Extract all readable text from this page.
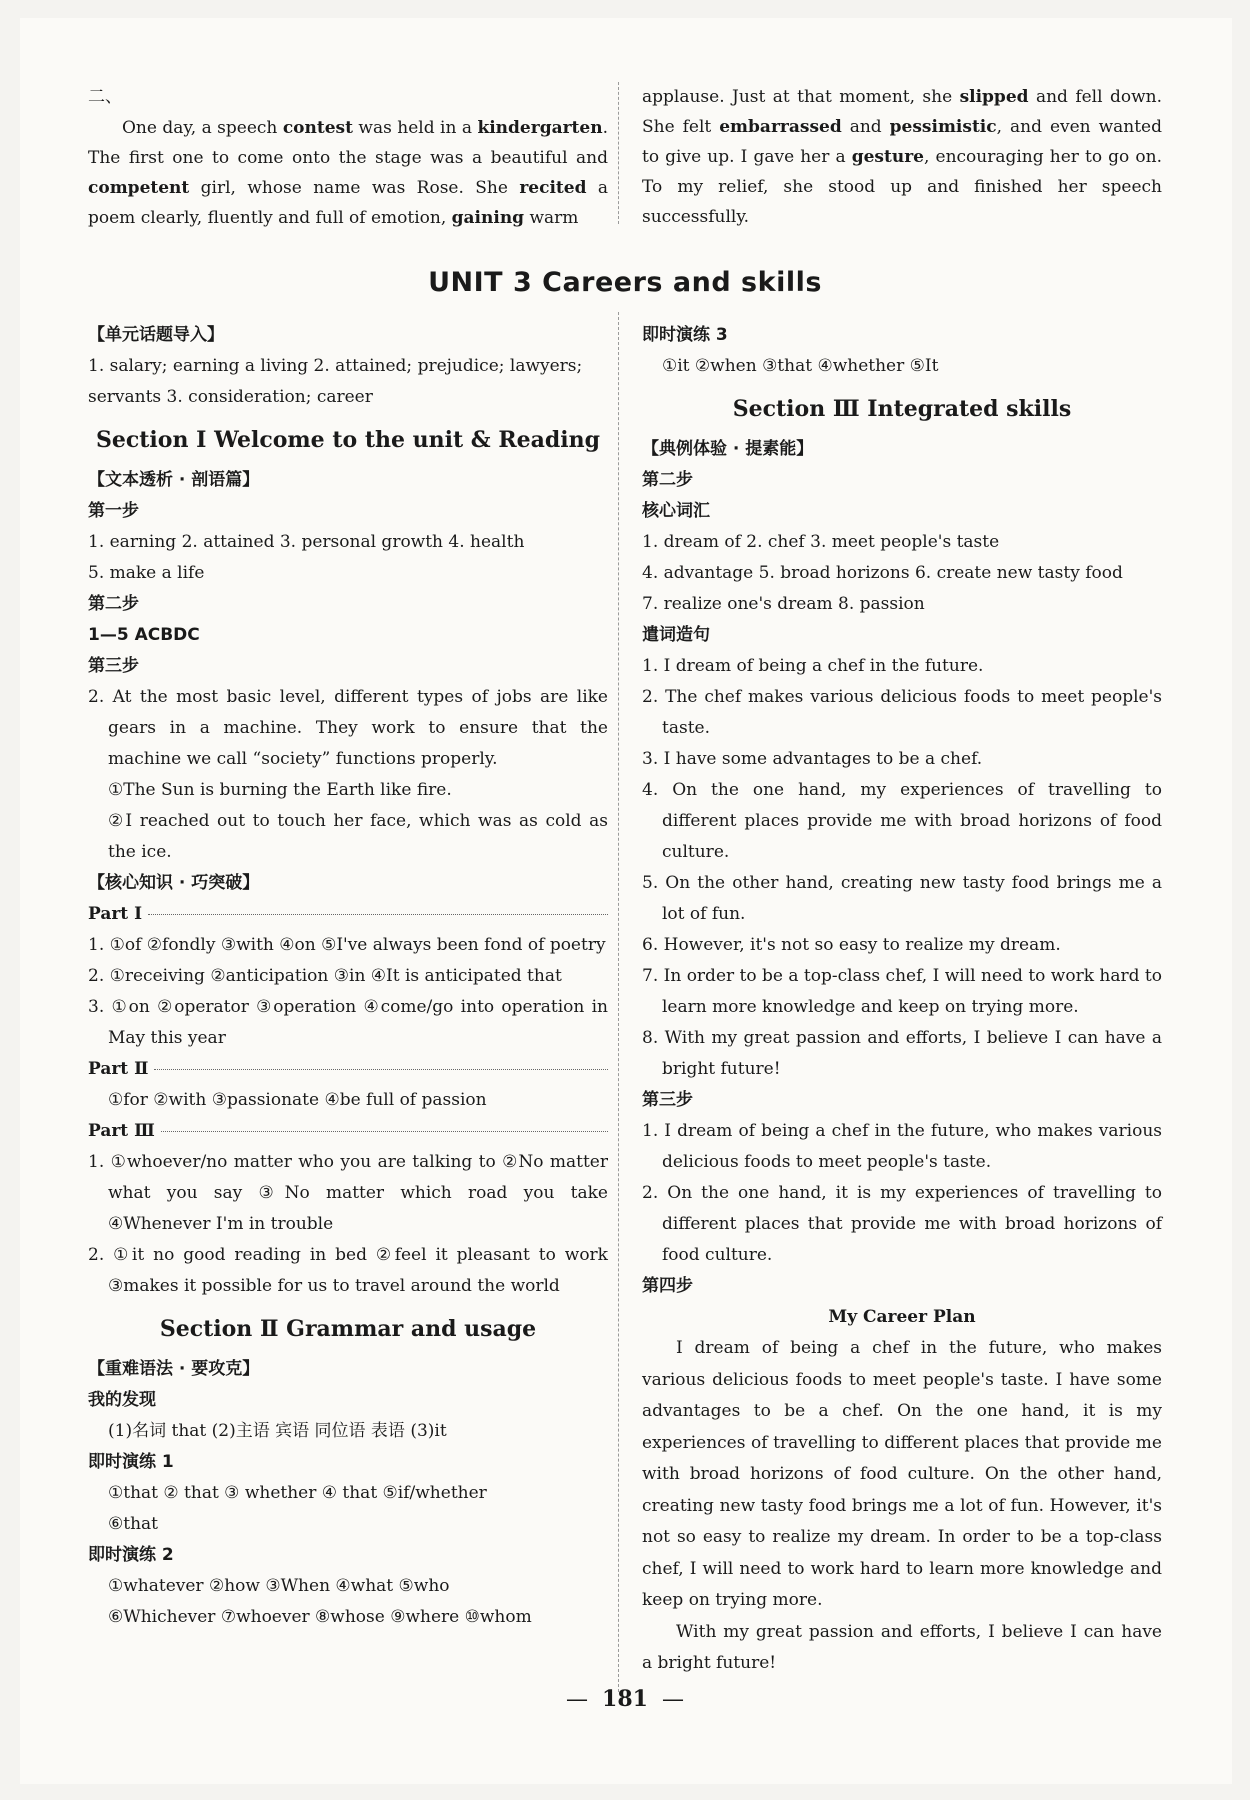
二、

One day, a speech contest was held in a kindergarten. The first one to come onto the stage was a beautiful and competent girl, whose name was Rose. She recited a poem clearly, fluently and full of emotion, gaining warm

applause. Just at that moment, she slipped and fell down. She felt embarrassed and pessimistic, and even wanted to give up. I gave her a gesture, encouraging her to go on. To my relief, she stood up and finished her speech successfully.

UNIT 3 Careers and skills

【单元话题导入】

1. salary; earning a living 2. attained; prejudice; lawyers;

servants 3. consideration; career

Section Ⅰ Welcome to the unit & Reading

【文本透析 · 剖语篇】

第一步

1. earning 2. attained 3. personal growth 4. health

5. make a life

第二步

1—5 ACBDC

第三步

2. At the most basic level, different types of jobs are like gears in a machine. They work to ensure that the machine we call “society” functions properly.

①The Sun is burning the Earth like fire.

②I reached out to touch her face, which was as cold as the ice.

【核心知识 · 巧突破】

Part Ⅰ

1. ①of ②fondly ③with ④on ⑤I've always been fond of poetry

2. ①receiving ②anticipation ③in ④It is anticipated that

3. ①on ②operator ③operation ④come/go into operation in May this year

Part Ⅱ

①for ②with ③passionate ④be full of passion

Part Ⅲ

1. ①whoever/no matter who you are talking to ②No matter what you say ③No matter which road you take ④Whenever I'm in trouble

2. ①it no good reading in bed ②feel it pleasant to work ③makes it possible for us to travel around the world

Section Ⅱ Grammar and usage

【重难语法 · 要攻克】

我的发现

(1)名词 that (2)主语 宾语 同位语 表语 (3)it

即时演练 1

①that ② that ③ whether ④ that ⑤if/whether

⑥that

即时演练 2

①whatever ②how ③When ④what ⑤who

⑥Whichever ⑦whoever ⑧whose ⑨where ⑩whom

即时演练 3

①it ②when ③that ④whether ⑤It

Section Ⅲ Integrated skills

【典例体验 · 提素能】

第二步

核心词汇

1. dream of 2. chef 3. meet people's taste

4. advantage 5. broad horizons 6. create new tasty food

7. realize one's dream 8. passion

遣词造句

1. I dream of being a chef in the future.

2. The chef makes various delicious foods to meet people's taste.

3. I have some advantages to be a chef.

4. On the one hand, my experiences of travelling to different places provide me with broad horizons of food culture.

5. On the other hand, creating new tasty food brings me a lot of fun.

6. However, it's not so easy to realize my dream.

7. In order to be a top-class chef, I will need to work hard to learn more knowledge and keep on trying more.

8. With my great passion and efforts, I believe I can have a bright future!

第三步

1. I dream of being a chef in the future, who makes various delicious foods to meet people's taste.

2. On the one hand, it is my experiences of travelling to different places that provide me with broad horizons of food culture.

第四步

My Career Plan

I dream of being a chef in the future, who makes various delicious foods to meet people's taste. I have some advantages to be a chef. On the one hand, it is my experiences of travelling to different places that provide me with broad horizons of food culture. On the other hand, creating new tasty food brings me a lot of fun. However, it's not so easy to realize my dream. In order to be a top-class chef, I will need to work hard to learn more knowledge and keep on trying more.

With my great passion and efforts, I believe I can have a bright future!

— 181 —
